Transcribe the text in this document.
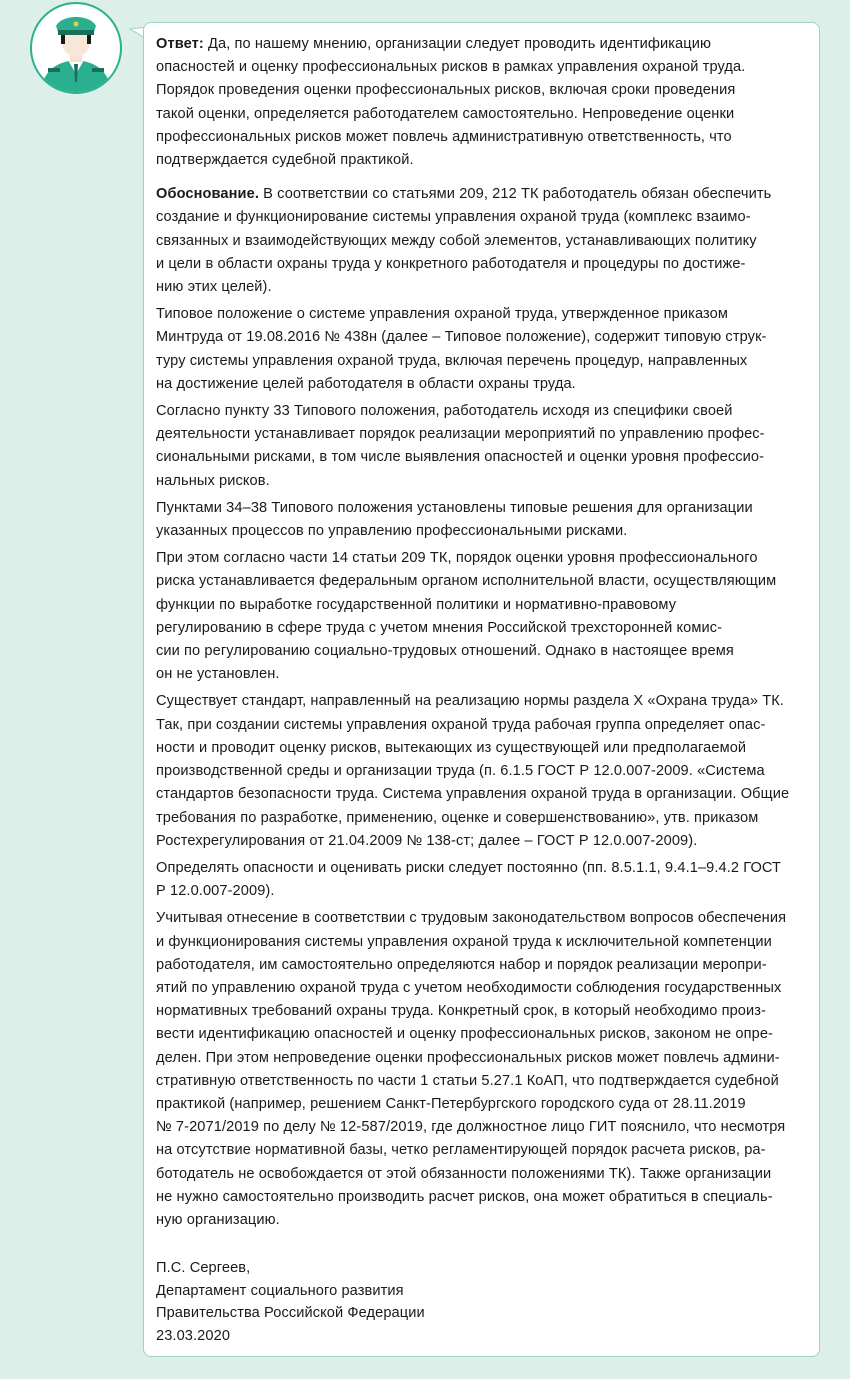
Ответ: Да, по нашему мнению, организации следует проводить идентификацию
опасностей и оценку профессиональных рисков в рамках управления охраной труда.
Порядок проведения оценки профессиональных рисков, включая сроки проведения
такой оценки, определяется работодателем самостоятельно. Непроведение оценки
профессиональных рисков может повлечь административную ответственность, что
подтверждается судебной практикой.

Обоснование. В соответствии со статьями 209, 212 ТК работодатель обязан обеспечить
создание и функционирование системы управления охраной труда (комплекс взаимо-
связанных и взаимодействующих между собой элементов, устанавливающих политику
и цели в области охраны труда у конкретного работодателя и процедуры по достиже-
нию этих целей).

Типовое положение о системе управления охраной труда, утвержденное приказом
Минтруда от 19.08.2016 № 438н (далее – Типовое положение), содержит типовую струк-
туру системы управления охраной труда, включая перечень процедур, направленных
на достижение целей работодателя в области охраны труда.

Согласно пункту 33 Типового положения, работодатель исходя из специфики своей
деятельности устанавливает порядок реализации мероприятий по управлению профес-
сиональными рисками, в том числе выявления опасностей и оценки уровня профессио-
нальных рисков.

Пунктами 34–38 Типового положения установлены типовые решения для организации
указанных процессов по управлению профессиональными рисками.

При этом согласно части 14 статьи 209 ТК, порядок оценки уровня профессионального
риска устанавливается федеральным органом исполнительной власти, осуществляющим
функции по выработке государственной политики и нормативно-правовому
регулированию в сфере труда с учетом мнения Российской трехсторонней комис-
сии по регулированию социально-трудовых отношений. Однако в настоящее время
он не установлен.

Существует стандарт, направленный на реализацию нормы раздела X «Охрана труда» ТК.
Так, при создании системы управления охраной труда рабочая группа определяет опас-
ности и проводит оценку рисков, вытекающих из существующей или предполагаемой
производственной среды и организации труда (п. 6.1.5 ГОСТ Р 12.0.007-2009. «Система
стандартов безопасности труда. Система управления охраной труда в организации. Общие
требования по разработке, применению, оценке и совершенствованию», утв. приказом
Ростехрегулирования от 21.04.2009 № 138-ст; далее – ГОСТ Р 12.0.007-2009).

Определять опасности и оценивать риски следует постоянно (пп. 8.5.1.1, 9.4.1–9.4.2 ГОСТ
Р 12.0.007-2009).

Учитывая отнесение в соответствии с трудовым законодательством вопросов обеспечения
и функционирования системы управления охраной труда к исключительной компетенции
работодателя, им самостоятельно определяются набор и порядок реализации меропри-
ятий по управлению охраной труда с учетом необходимости соблюдения государственных
нормативных требований охраны труда. Конкретный срок, в который необходимо произ-
вести идентификацию опасностей и оценку профессиональных рисков, законом не опре-
делен. При этом непроведение оценки профессиональных рисков может повлечь админи-
стративную ответственность по части 1 статьи 5.27.1 КоАП, что подтверждается судебной
практикой (например, решением Санкт-Петербургского городского суда от 28.11.2019
№ 7-2071/2019 по делу № 12-587/2019, где должностное лицо ГИТ пояснило, что несмотря
на отсутствие нормативной базы, четко регламентирующей порядок расчета рисков, ра-
ботодатель не освобождается от этой обязанности положениями ТК). Также организации
не нужно самостоятельно производить расчет рисков, она может обратиться в специаль-
ную организацию.

П.С. Сергеев,

Департамент социального развития

Правительства Российской Федерации

23.03.2020
